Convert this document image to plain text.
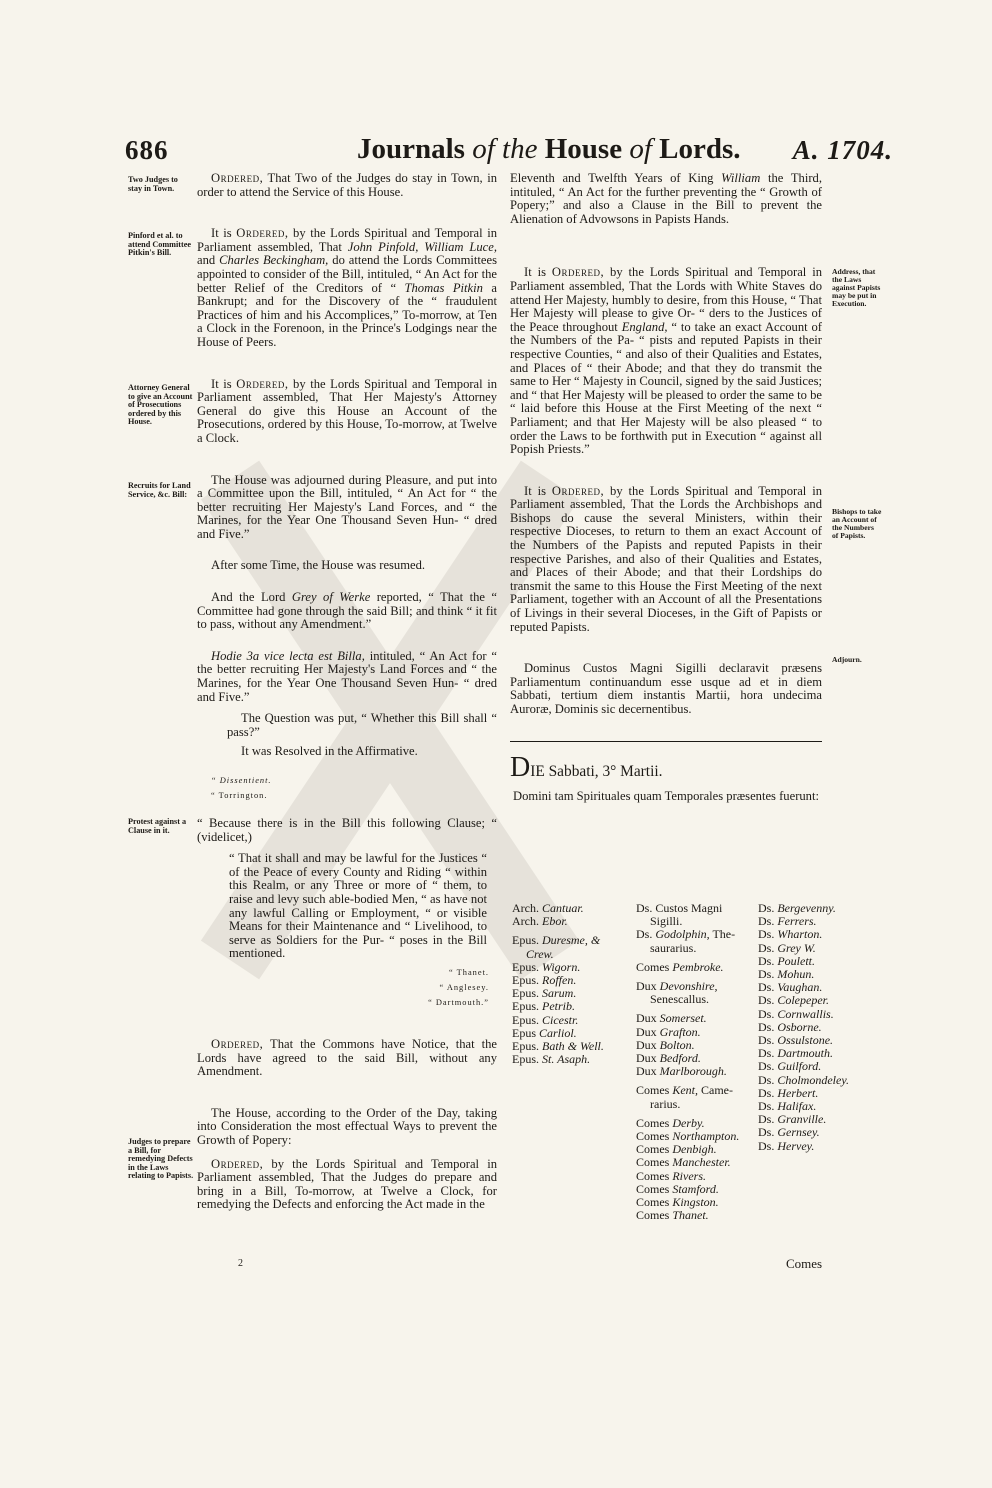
686	Journals of the House of Lords. A. 1704.
Two Judges to stay in Town.
Pinford et al. to attend Committee Pitkin's Bill.
Attorney General to give an Account of Prosecutions ordered by this House.
Recruits for Land Service, &c. Bill:
Protest against a Clause in it.
Judges to prepare a Bill, for remedying Defects in the Laws relating to Papists.
Address, that the Laws against Papists may be put in Execution.
Bishops to take an Account of the Numbers of Papists.
Adjourn.

Ordered, That Two of the Judges do stay in Town, in order to attend the Service of this House.

It is Ordered, by the Lords Spiritual and Temporal in Parliament assembled, That John Pinfold, William Luce, and Charles Beckingham, do attend the Lords Committees appointed to consider of the Bill, intituled, “ An Act for the better Relief of the Creditors of “ Thomas Pitkin a Bankrupt; and for the Discovery of the “ fraudulent Practices of him and his Accomplices,” To-morrow, at Ten a Clock in the Forenoon, in the Prince's Lodgings near the House of Peers.

It is Ordered, by the Lords Spiritual and Temporal in Parliament assembled, That Her Majesty's Attorney General do give this House an Account of the Prosecutions, ordered by this House, To-morrow, at Twelve a Clock.

The House was adjourned during Pleasure, and put into a Committee upon the Bill, intituled, “ An Act for “ the better recruiting Her Majesty's Land Forces, and “ the Marines, for the Year One Thousand Seven Hun- “ dred and Five.”

After some Time, the House was resumed.

And the Lord Grey of Werke reported, “ That the “ Committee had gone through the said Bill; and think “ it fit to pass, without any Amendment.”

Hodie 3a vice lecta est Billa, intituled, “ An Act for “ the better recruiting Her Majesty's Land Forces and “ the Marines, for the Year One Thousand Seven Hun- “ dred and Five.”

The Question was put, “ Whether this Bill shall “ pass?”

It was Resolved in the Affirmative.

“ Dissentient.

“ Torrington.

“ Because there is in the Bill this following Clause; “ (videlicet,)

“ That it shall and may be lawful for the Justices “ of the Peace of every County and Riding “ within this Realm, or any Three or more of “ them, to raise and levy such able-bodied Men, “ as have not any lawful Calling or Employment, “ or visible Means for their Maintenance and “ Livelihood, to serve as Soldiers for the Pur- “ poses in the Bill mentioned.

“ Thanet.

“ Anglesey.

“ Dartmouth.”

Ordered, That the Commons have Notice, that the Lords have agreed to the said Bill, without any Amendment.

The House, according to the Order of the Day, taking into Consideration the most effectual Ways to prevent the Growth of Popery:

Ordered, by the Lords Spiritual and Temporal in Parliament assembled, That the Judges do prepare and bring in a Bill, To-morrow, at Twelve a Clock, for remedying the Defects and enforcing the Act made in the

Eleventh and Twelfth Years of King William the Third, intituled, “ An Act for the further preventing the “ Growth of Popery;” and also a Clause in the Bill to prevent the Alienation of Advowsons in Papists Hands.

It is Ordered, by the Lords Spiritual and Temporal in Parliament assembled, That the Lords with White Staves do attend Her Majesty, humbly to desire, from this House, “ That Her Majesty will please to give Or- “ ders to the Justices of the Peace throughout England, “ to take an exact Account of the Numbers of the Pa- “ pists and reputed Papists in their respective Counties, “ and also of their Qualities and Estates, and Places of “ their Abode; and that they do transmit the same to Her “ Majesty in Council, signed by the said Justices; and “ that Her Majesty will be pleased to order the same to be “ laid before this House at the First Meeting of the next “ Parliament; and that Her Majesty will be also pleased “ to order the Laws to be forthwith put in Execution “ against all Popish Priests.”

It is Ordered, by the Lords Spiritual and Temporal in Parliament assembled, That the Lords the Archbishops and Bishops do cause the several Ministers, within their respective Dioceses, to return to them an exact Account of the Numbers of the Papists and reputed Papists in their respective Parishes, and also of their Qualities and Estates, and Places of their Abode; and that their Lordships do transmit the same to this House the First Meeting of the next Parliament, together with an Account of all the Presentations of Livings in their several Dioceses, in the Gift of Papists or reputed Papists.

Dominus Custos Magni Sigilli declaravit præsens Parliamentum continuandum esse usque ad et in diem Sabbati, tertium diem instantis Martii, hora undecima Auroræ, Dominis sic decernentibus.

DIE Sabbati, 3° Martii.

Domini tam Spirituales quam Temporales præsentes fuerunt:

Arch. Cantuar.

Arch. Ebor.

Epus. Duresme, &

Crew.

Epus. Wigorn.

Epus. Roffen.

Epus. Sarum.

Epus. Petrib.

Epus. Cicestr.

Epus Carliol.

Epus. Bath & Well.

Epus. St. Asaph.

Ds. Custos Magni

Sigilli.

Ds. Godolphin, The-

saurarius.

Comes Pembroke.

Dux Devonshire,

Senescallus.

Dux Somerset.

Dux Grafton.

Dux Bolton.

Dux Bedford.

Dux Marlborough.

Comes Kent, Came-

rarius.

Comes Derby.

Comes Northampton.

Comes Denbigh.

Comes Manchester.

Comes Rivers.

Comes Stamford.

Comes Kingston.

Comes Thanet.

Ds. Bergevenny.

Ds. Ferrers.

Ds. Wharton.

Ds. Grey W.

Ds. Poulett.

Ds. Mohun.

Ds. Vaughan.

Ds. Colepeper.

Ds. Cornwallis.

Ds. Osborne.

Ds. Ossulstone.

Ds. Dartmouth.

Ds. Guilford.

Ds. Cholmondeley.

Ds. Herbert.

Ds. Halifax.

Ds. Granville.

Ds. Gernsey.

Ds. Hervey.

2	Comes
